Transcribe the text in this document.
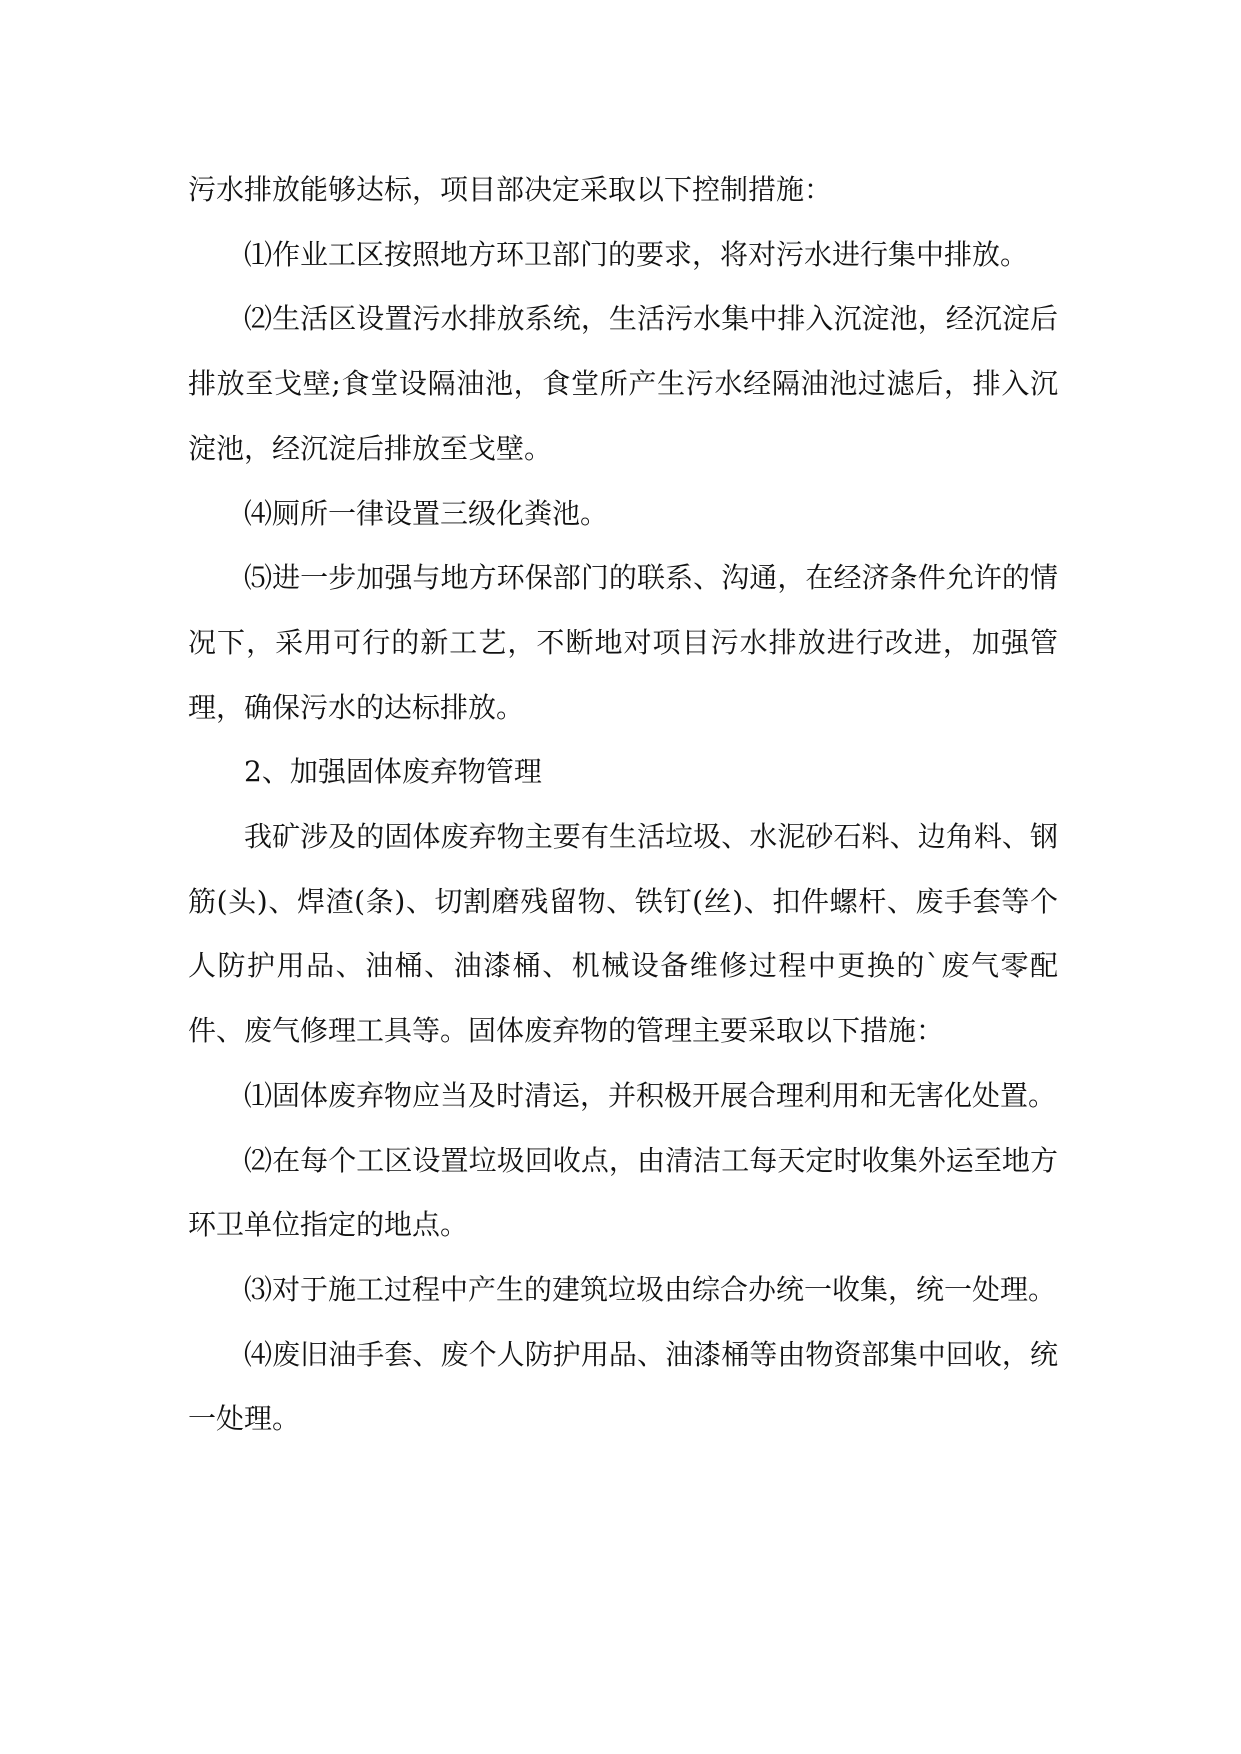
污水排放能够达标，项目部决定采取以下控制措施：

⑴作业工区按照地方环卫部门的要求，将对污水进行集中排放。

⑵生活区设置污水排放系统，生活污水集中排入沉淀池，经沉淀后排放至戈壁;食堂设隔油池，食堂所产生污水经隔油池过滤后，排入沉淀池，经沉淀后排放至戈壁。

⑷厕所一律设置三级化粪池。

⑸进一步加强与地方环保部门的联系、沟通，在经济条件允许的情况下，采用可行的新工艺，不断地对项目污水排放进行改进，加强管理，确保污水的达标排放。

2、加强固体废弃物管理

我矿涉及的固体废弃物主要有生活垃圾、水泥砂石料、边角料、钢筋(头)、焊渣(条)、切割磨残留物、铁钉(丝)、扣件螺杆、废手套等个人防护用品、油桶、油漆桶、机械设备维修过程中更换的`废气零配件、废气修理工具等。固体废弃物的管理主要采取以下措施：

⑴固体废弃物应当及时清运，并积极开展合理利用和无害化处置。

⑵在每个工区设置垃圾回收点，由清洁工每天定时收集外运至地方环卫单位指定的地点。

⑶对于施工过程中产生的建筑垃圾由综合办统一收集，统一处理。

⑷废旧油手套、废个人防护用品、油漆桶等由物资部集中回收，统一处理。
